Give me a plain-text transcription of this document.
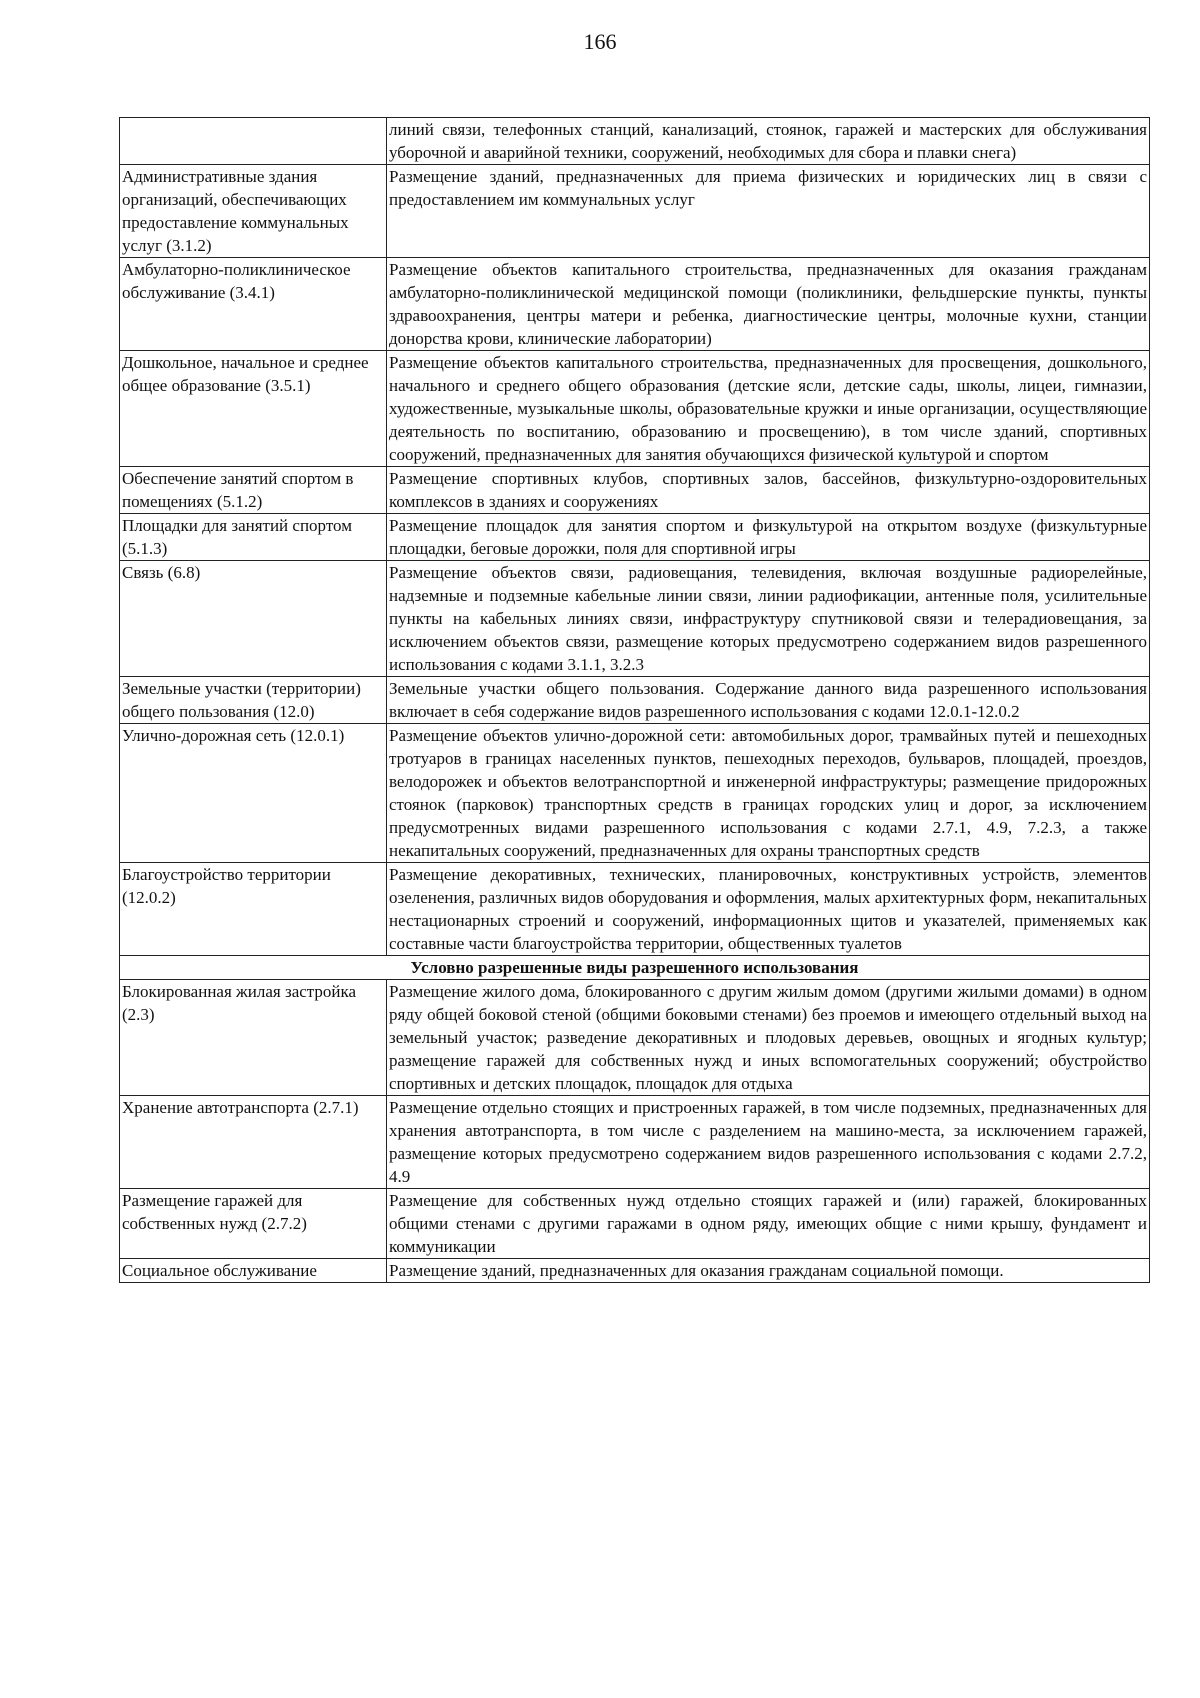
166
	линий связи, телефонных станций, канализаций, стоянок, гаражей и мастерских для обслуживания уборочной и аварийной техники, сооружений, необходимых для сбора и плавки снега)
Административные здания организаций, обеспечивающих предоставление коммунальных услуг (3.1.2)	Размещение зданий, предназначенных для приема физических и юридических лиц в связи с предоставлением им коммунальных услуг
Амбулаторно-поликлиническое обслуживание (3.4.1)	Размещение объектов капитального строительства, предназначенных для оказания гражданам амбулаторно-поликлинической медицинской помощи (поликлиники, фельдшерские пункты, пункты здравоохранения, центры матери и ребенка, диагностические центры, молочные кухни, станции донорства крови, клинические лаборатории)
Дошкольное, начальное и среднее общее образование (3.5.1)	Размещение объектов капитального строительства, предназначенных для просвещения, дошкольного, начального и среднего общего образования (детские ясли, детские сады, школы, лицеи, гимназии, художественные, музыкальные школы, образовательные кружки и иные организации, осуществляющие деятельность по воспитанию, образованию и просвещению), в том числе зданий, спортивных сооружений, предназначенных для занятия обучающихся физической культурой и спортом
Обеспечение занятий спортом в помещениях (5.1.2)	Размещение спортивных клубов, спортивных залов, бассейнов, физкультурно-оздоровительных комплексов в зданиях и сооружениях
Площадки для занятий спортом (5.1.3)	Размещение площадок для занятия спортом и физкультурой на открытом воздухе (физкультурные площадки, беговые дорожки, поля для спортивной игры
Связь (6.8)	Размещение объектов связи, радиовещания, телевидения, включая воздушные радиорелейные, надземные и подземные кабельные линии связи, линии радиофикации, антенные поля, усилительные пункты на кабельных линиях связи, инфраструктуру спутниковой связи и телерадиовещания, за исключением объектов связи, размещение которых предусмотрено содержанием видов разрешенного использования с кодами 3.1.1, 3.2.3
Земельные участки (территории) общего пользования (12.0)	Земельные участки общего пользования. Содержание данного вида разрешенного использования включает в себя содержание видов разрешенного использования с кодами 12.0.1-12.0.2
Улично-дорожная сеть (12.0.1)	Размещение объектов улично-дорожной сети: автомобильных дорог, трамвайных путей и пешеходных тротуаров в границах населенных пунктов, пешеходных переходов, бульваров, площадей, проездов, велодорожек и объектов велотранспортной и инженерной инфраструктуры; размещение придорожных стоянок (парковок) транспортных средств в границах городских улиц и дорог, за исключением предусмотренных видами разрешенного использования с кодами 2.7.1, 4.9, 7.2.3, а также некапитальных сооружений, предназначенных для охраны транспортных средств
Благоустройство территории (12.0.2)	Размещение декоративных, технических, планировочных, конструктивных устройств, элементов озеленения, различных видов оборудования и оформления, малых архитектурных форм, некапитальных нестационарных строений и сооружений, информационных щитов и указателей, применяемых как составные части благоустройства территории, общественных туалетов
Условно разрешенные виды разрешенного использования	
Блокированная жилая застройка (2.3)	Размещение жилого дома, блокированного с другим жилым домом (другими жилыми домами) в одном ряду общей боковой стеной (общими боковыми стенами) без проемов и имеющего отдельный выход на земельный участок; разведение декоративных и плодовых деревьев, овощных и ягодных культур; размещение гаражей для собственных нужд и иных вспомогательных сооружений; обустройство спортивных и детских площадок, площадок для отдыха
Хранение автотранспорта (2.7.1)	Размещение отдельно стоящих и пристроенных гаражей, в том числе подземных, предназначенных для хранения автотранспорта, в том числе с разделением на машино-места, за исключением гаражей, размещение которых предусмотрено содержанием видов разрешенного использования с кодами 2.7.2, 4.9
Размещение гаражей для собственных нужд (2.7.2)	Размещение для собственных нужд отдельно стоящих гаражей и (или) гаражей, блокированных общими стенами с другими гаражами в одном ряду, имеющих общие с ними крышу, фундамент и коммуникации
Социальное обслуживание	Размещение зданий, предназначенных для оказания гражданам социальной помощи.
